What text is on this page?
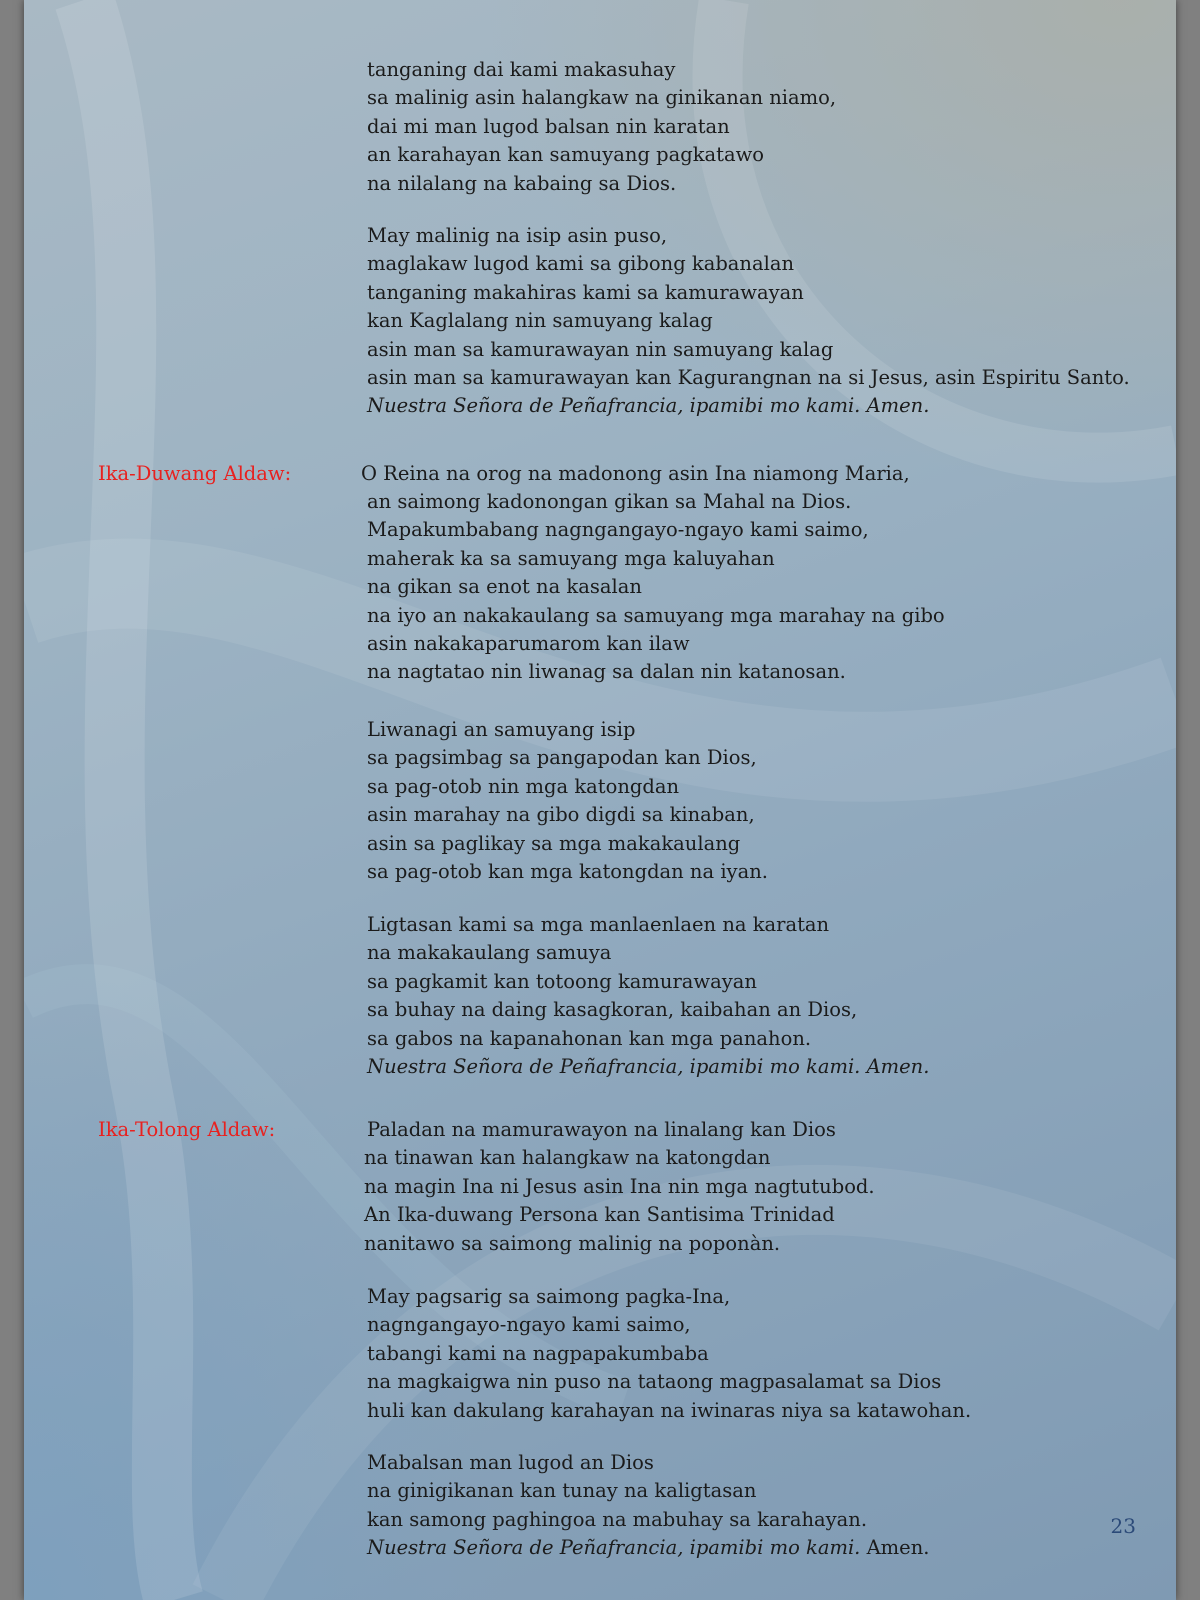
tanganing dai kami makasuhay
sa malinig asin halangkaw na ginikanan niamo,
dai mi man lugod balsan nin karatan
an karahayan kan samuyang pagkatawo
na nilalang na kabaing sa Dios.
May malinig na isip asin puso,
maglakaw lugod kami sa gibong kabanalan
tanganing makahiras kami sa kamurawayan
kan Kaglalang nin samuyang kalag
asin man sa kamurawayan nin samuyang kalag
asin man sa kamurawayan kan Kagurangnan na si Jesus, asin Espiritu Santo.
Nuestra Señora de Peñafrancia, ipamibi mo kami. Amen.
Ika-Duwang Aldaw:	O Reina na orog na madonong asin Ina niamong Maria,
an saimong kadonongan gikan sa Mahal na Dios.
Mapakumbabang nagngangayo-ngayo kami saimo,
maherak ka sa samuyang mga kaluyahan
na gikan sa enot na kasalan
na iyo an nakakaulang sa samuyang mga marahay na gibo
asin nakakaparumarom kan ilaw
na nagtatao nin liwanag sa dalan nin katanosan.
Liwanagi an samuyang isip
sa pagsimbag sa pangapodan kan Dios,
sa pag-otob nin mga katongdan
asin marahay na gibo digdi sa kinaban,
asin sa paglikay sa mga makakaulang
sa pag-otob kan mga katongdan na iyan.
Ligtasan kami sa mga manlaenlaen na karatan
na makakaulang samuya
sa pagkamit kan totoong kamurawayan
sa buhay na daing kasagkoran, kaibahan an Dios,
sa gabos na kapanahonan kan mga panahon.
Nuestra Señora de Peñafrancia, ipamibi mo kami. Amen.
Ika-Tolong Aldaw:	Paladan na mamurawayon na linalang kan Dios
na tinawan kan halangkaw na katongdan
na magin Ina ni Jesus asin Ina nin mga nagtutubod.
An Ika-duwang Persona kan Santisima Trinidad
nanitawo sa saimong malinig na poponàn.
May pagsarig sa saimong pagka-Ina,
nagngangayo-ngayo kami saimo,
tabangi kami na nagpapakumbaba
na magkaigwa nin puso na tataong magpasalamat sa Dios
huli kan dakulang karahayan na iwinaras niya sa katawohan.
Mabalsan man lugod an Dios
na ginigikanan kan tunay na kaligtasan
kan samong paghingoa na mabuhay sa karahayan.
Nuestra Señora de Peñafrancia, ipamibi mo kami. Amen.
23
